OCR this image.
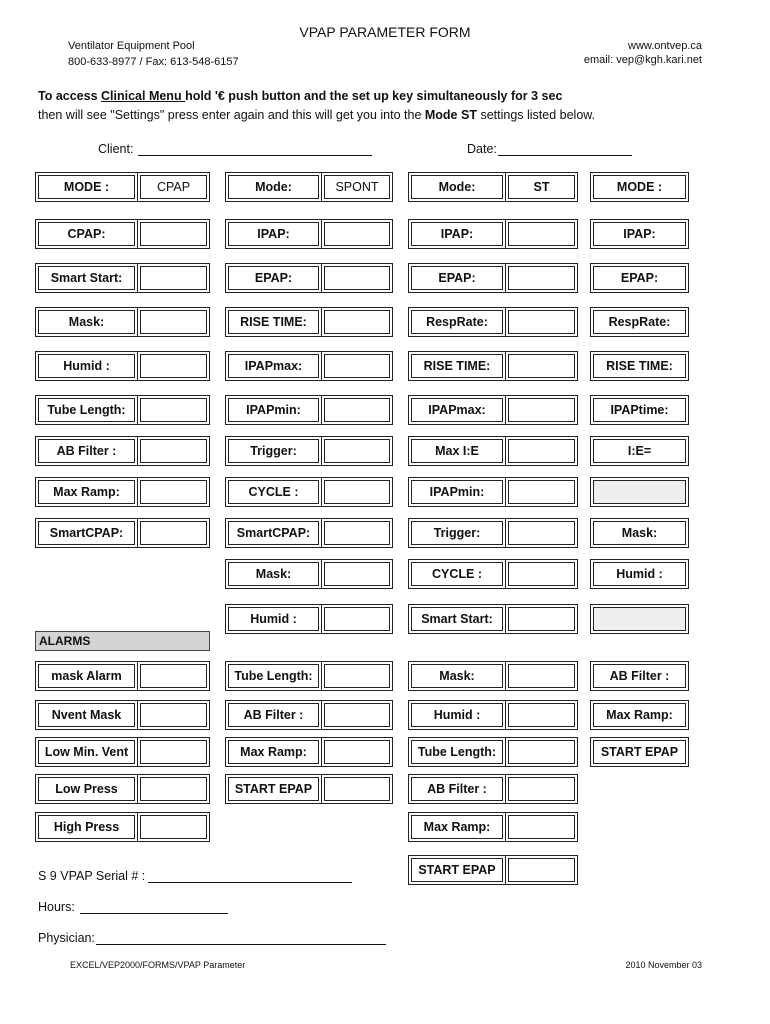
VPAP PARAMETER FORM
Ventilator Equipment Pool
800-633-8977 / Fax: 613-548-6157
www.ontvep.ca
email: vep@kgh.kari.net
To access Clinical Menu hold '€ push button and the set up key simultaneously for 3 sec
then will see "Settings" press enter again and this will get you into the Mode ST settings listed below.
Client:	Date:
MODE :	CPAP
CPAP:
Smart Start:
Mask:
Humid :
Tube Length:
AB Filter :
Max Ramp:
SmartCPAP:
Mode:	SPONT
IPAP:
EPAP:
RISE TIME:
IPAPmax:
IPAPmin:
Trigger:
CYCLE :
SmartCPAP:
Mask:
Humid :
Mode:	ST
IPAP:
EPAP:
RespRate:
RISE TIME:
IPAPmax:
Max I:E
IPAPmin:
Trigger:
CYCLE :
Smart Start:
MODE :
IPAP:
EPAP:
RespRate:
RISE TIME:
IPAPtime:
I:E=
Mask:
Humid :
ALARMS
mask Alarm
Nvent Mask
Low Min. Vent
Low Press
High Press
Tube Length:
AB Filter :
Max Ramp:
START EPAP
Mask:
Humid :
Tube Length:
AB Filter :
Max Ramp:
START EPAP
AB Filter :
Max Ramp:
START EPAP
S 9 VPAP Serial # :
Hours:
Physician:
EXCEL/VEP2000/FORMS/VPAP Parameter	2010 November 03
